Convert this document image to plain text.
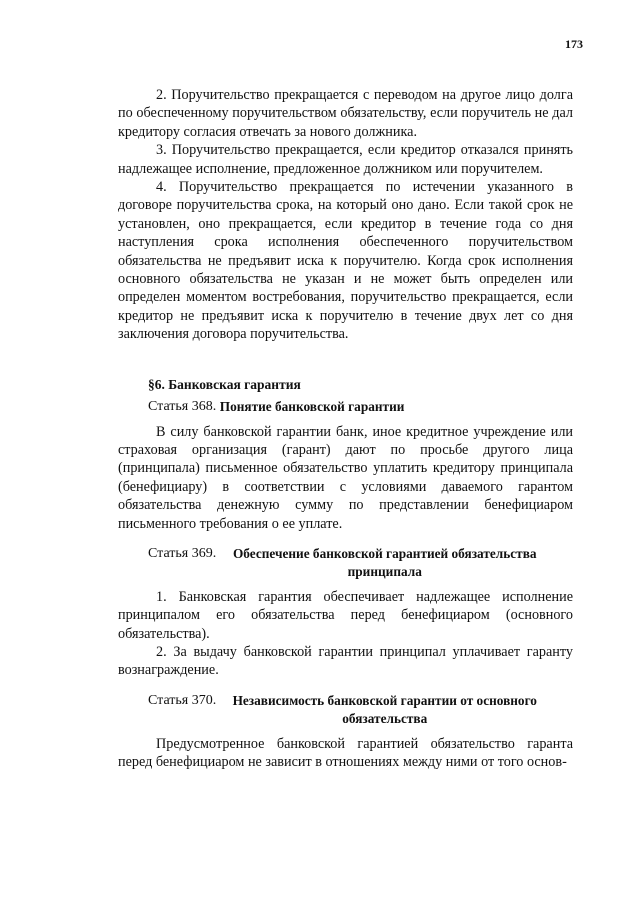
173

2. Поручительство прекращается с переводом на другое лицо долга по обеспеченному поручительством обязательству, если поручитель не дал кредитору согласия отвечать за нового должника.

3. Поручительство прекращается, если кредитор отказался принять надлежащее исполнение, предложенное должником или поручителем.

4. Поручительство прекращается по истечении указанного в договоре поручительства срока, на который оно дано. Если такой срок не установлен, оно прекращается, если кредитор в течение года со дня наступления срока исполнения обеспеченного поручительством обязательства не предъявит иска к поручителю. Когда срок исполнения основного обязательства не указан и не может быть определен или определен моментом востребования, поручительство прекращается, если кредитор не предъявит иска к поручителю в течение двух лет со дня заключения договора поручительства.

§6. Банковская гарантия
Статья 368. Понятие банковской гарантии

В силу банковской гарантии банк, иное кредитное учреждение или страховая организация (гарант) дают по просьбе другого лица (принципала) письменное обязательство уплатить кредитору принципала (бенефициару) в соответствии с условиями даваемого гарантом обязательства денежную сумму по представлении бенефициаром письменного требования о ее уплате.

Статья 369. Обеспечение банковской гарантией обязательства принципала

1. Банковская гарантия обеспечивает надлежащее исполнение принципалом его обязательства перед бенефициаром (основного обязательства).

2. За выдачу банковской гарантии принципал уплачивает гаранту вознаграждение.

Статья 370. Независимость банковской гарантии от основного обязательства

Предусмотренное банковской гарантией обязательство гаранта перед бенефициаром не зависит в отношениях между ними от того основ-
